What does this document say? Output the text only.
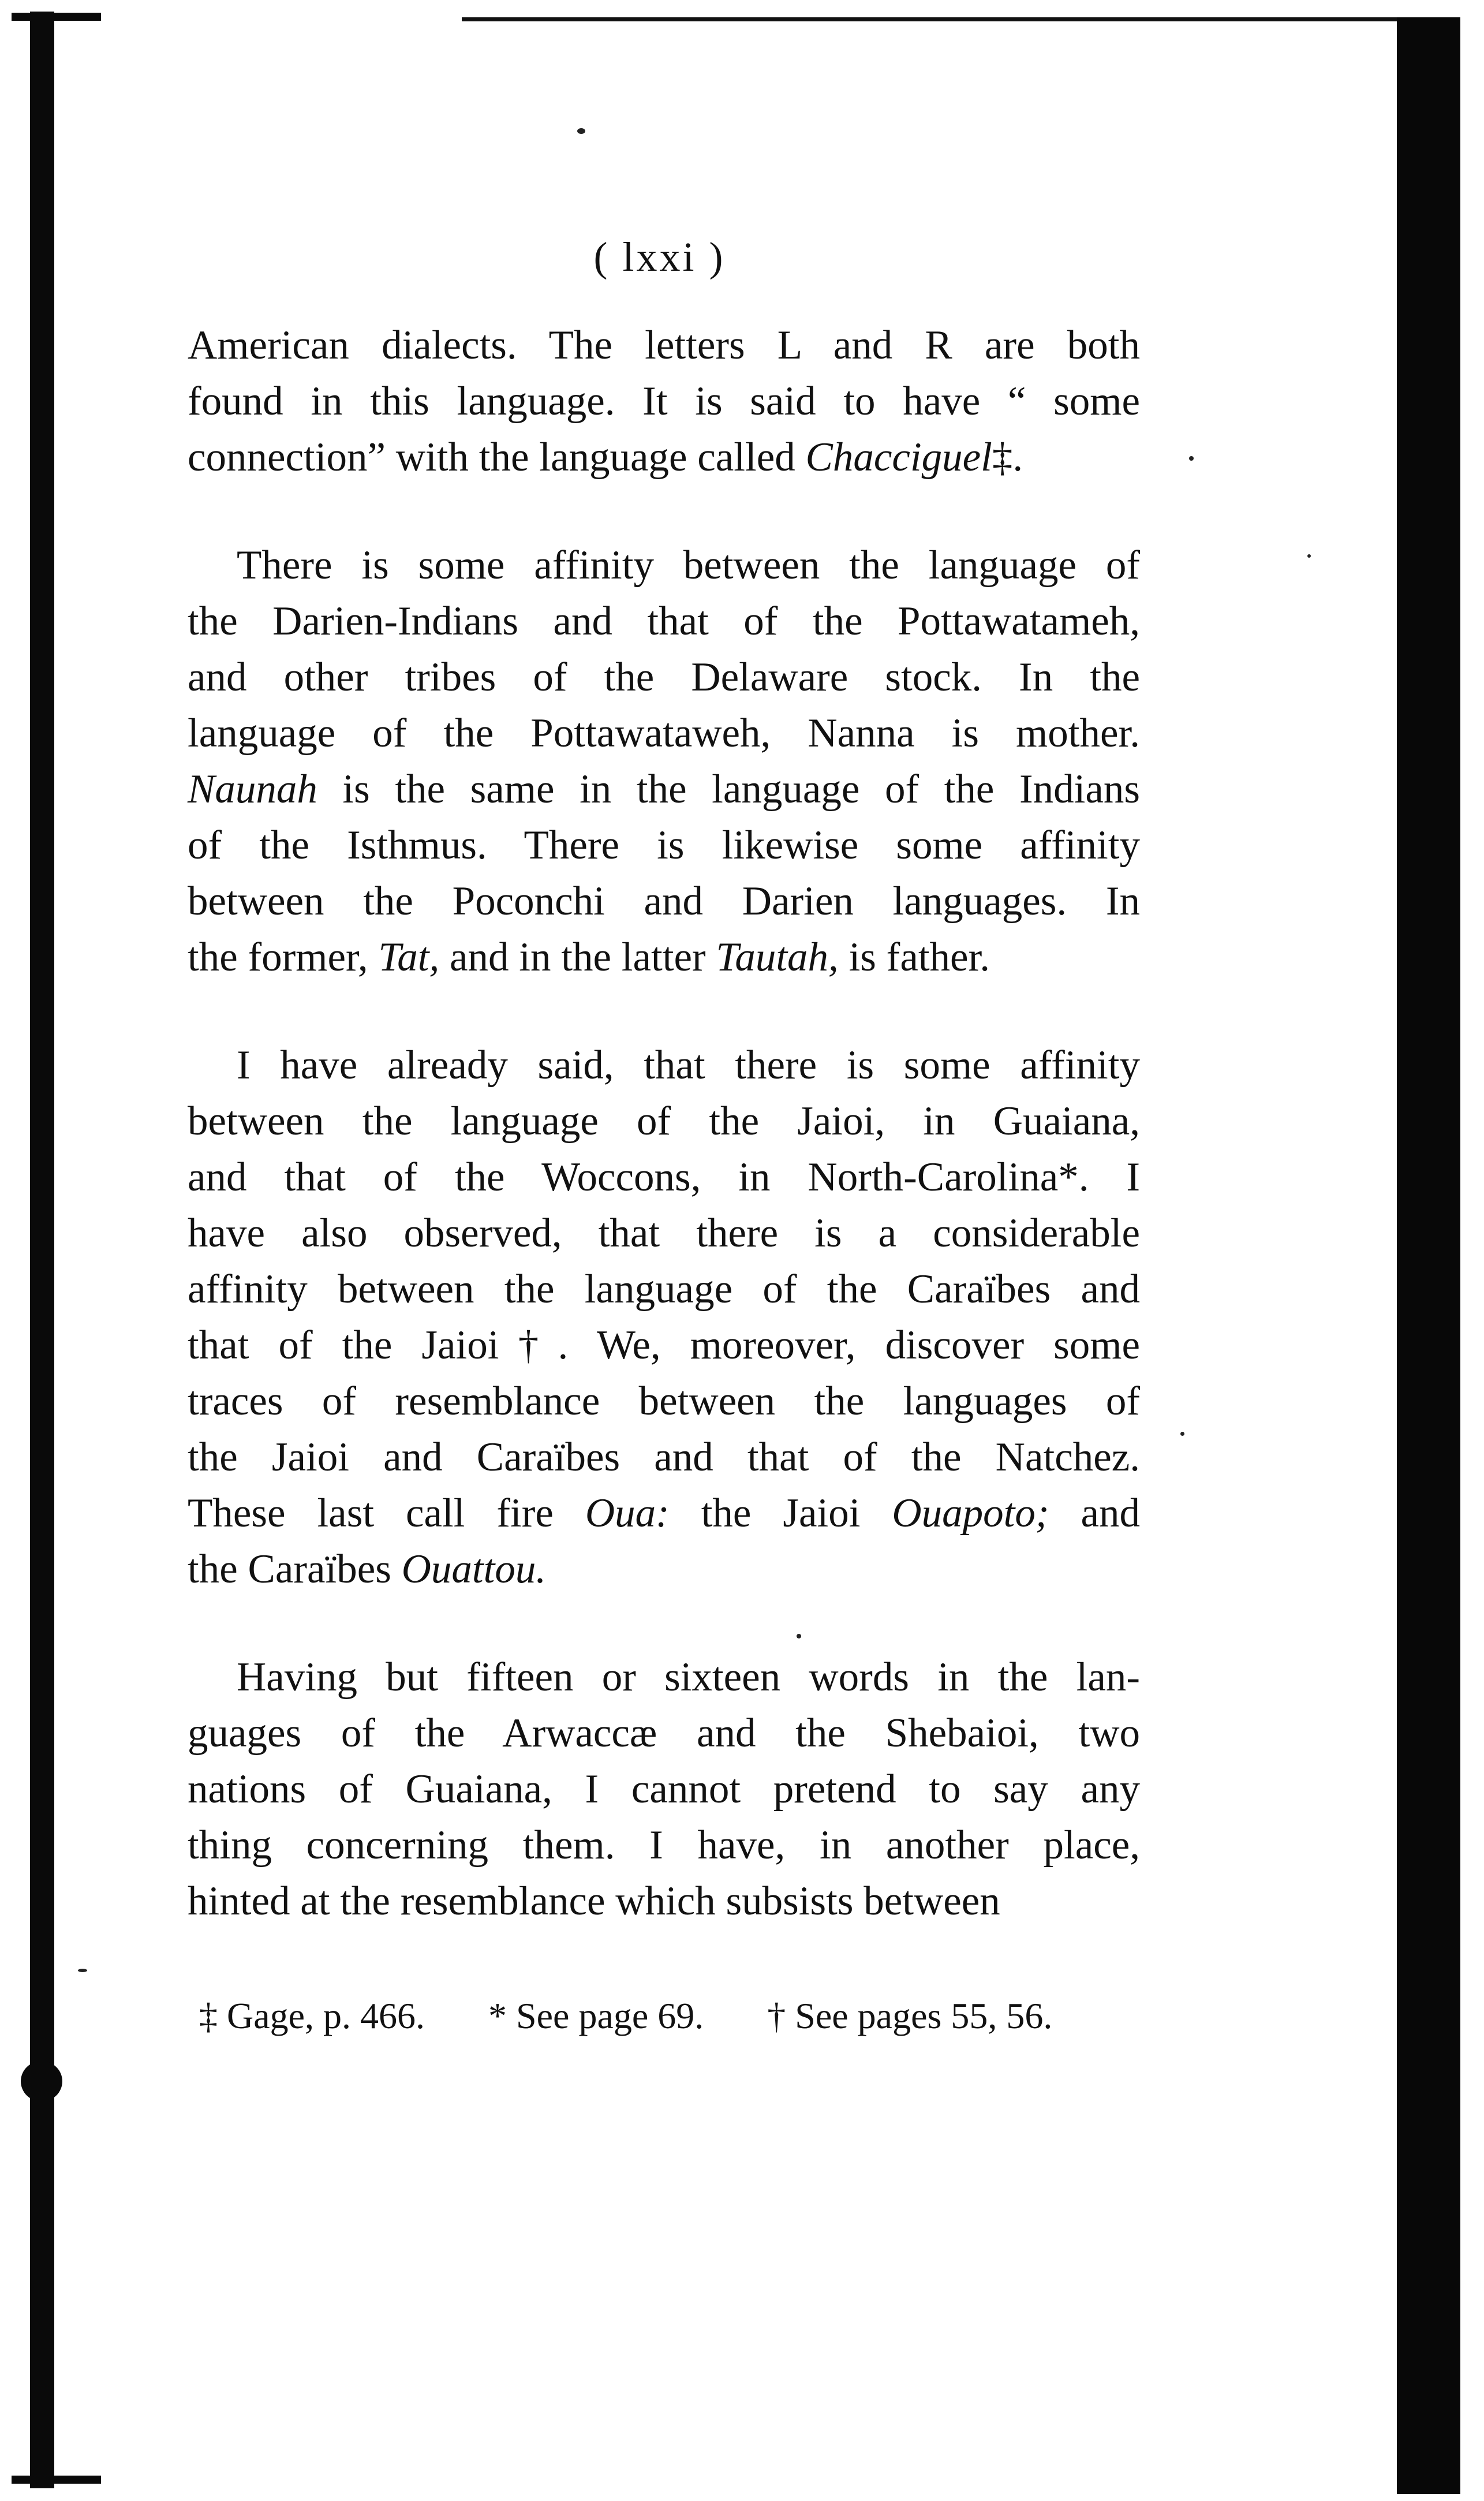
( lxxi )

American dialects. The letters L and R are both
found in this language. It is said to have “ some
connection” with the language called Chacciguel‡.

There is some affinity between the language of
the Darien-Indians and that of the Pottawatameh,
and other tribes of the Delaware stock. In the
language of the Pottawataweh, Nanna is mother.
Naunah is the same in the language of the Indians
of the Isthmus. There is likewise some affinity
between the Poconchi and Darien languages. In
the former, Tat, and in the latter Tautah, is father.

I have already said, that there is some affinity
between the language of the Jaioi, in Guaiana,
and that of the Woccons, in North-Carolina*. I
have also observed, that there is a considerable
affinity between the language of the Caraïbes and
that of the Jaioi†. We, moreover, discover some
traces of resemblance between the languages of
the Jaioi and Caraïbes and that of the Natchez.
These last call fire Oua: the Jaioi Ouapoto; and
the Caraïbes Ouattou.

Having but fifteen or sixteen words in the lan-
guages of the Arwaccæ and the Shebaioi, two
nations of Guaiana, I cannot pretend to say any
thing concerning them. I have, in another place,
hinted at the resemblance which subsists between

‡ Gage, p. 466. * See page 69. † See pages 55, 56.
